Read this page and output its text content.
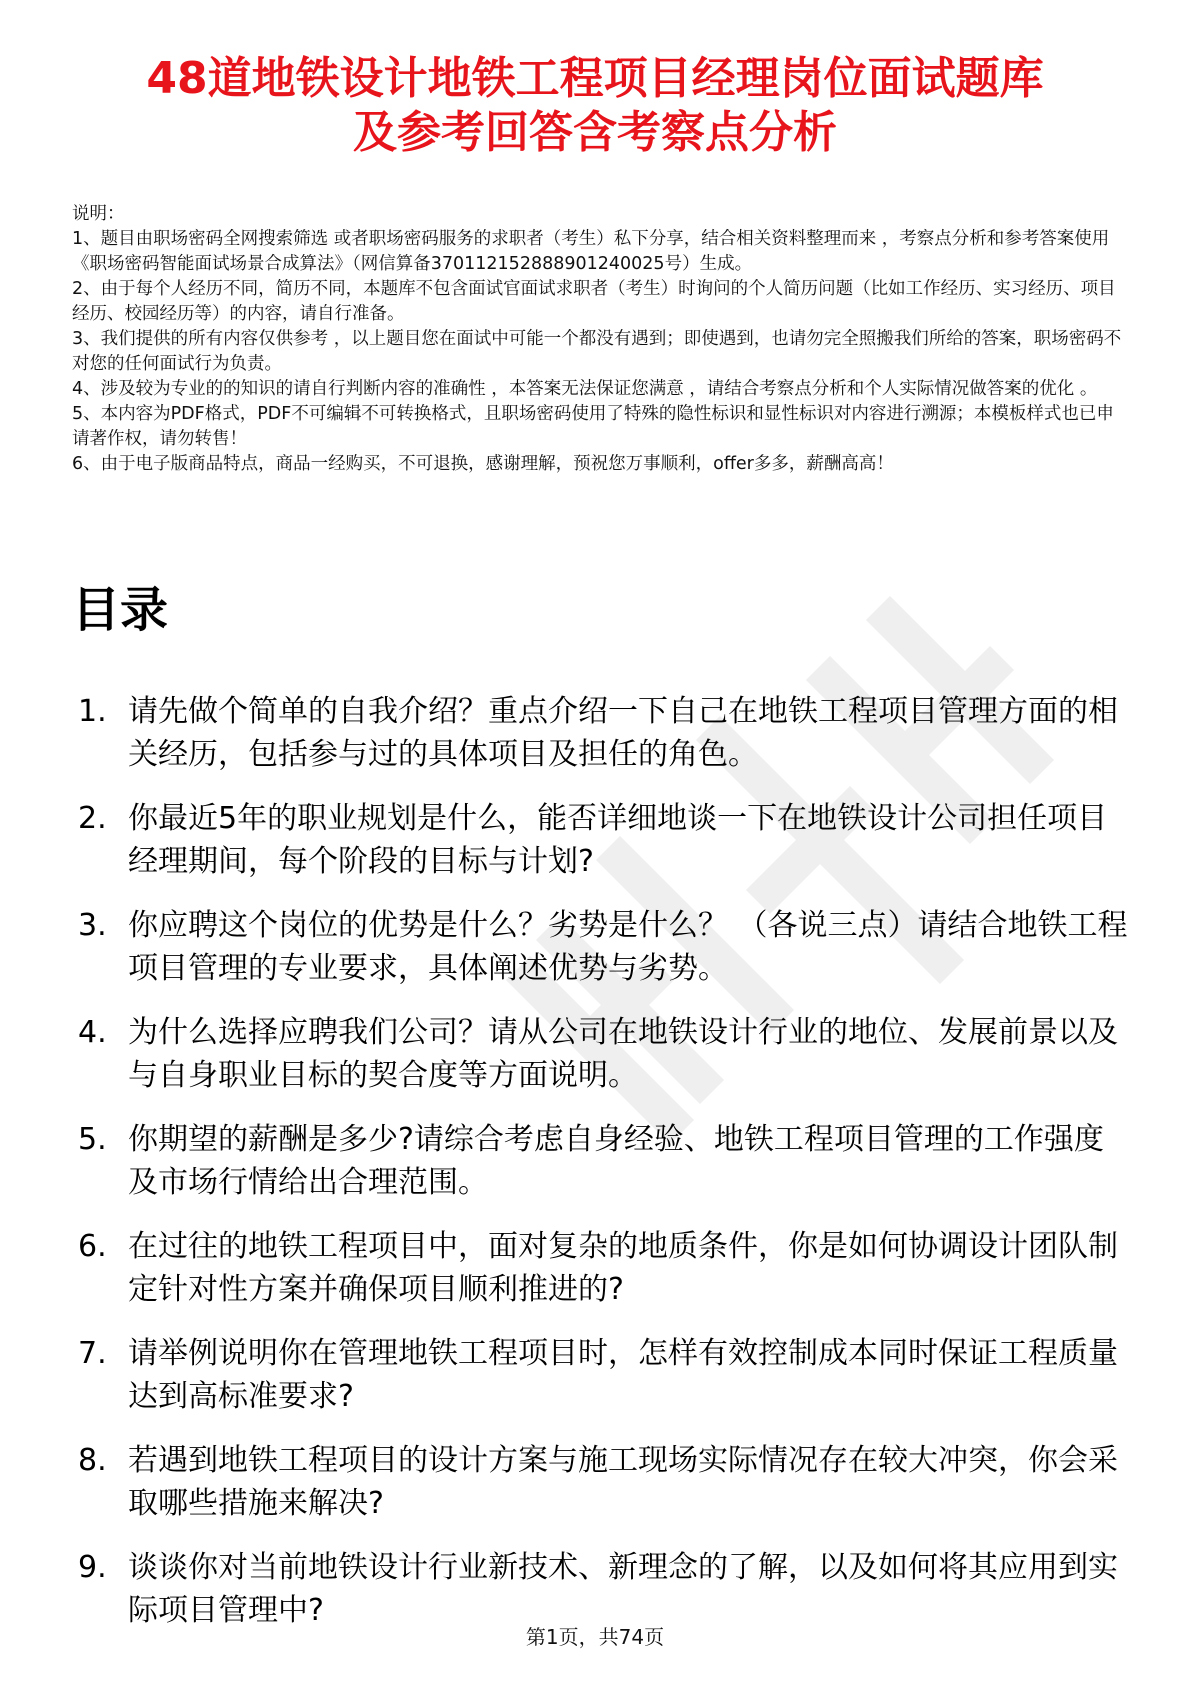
48道地铁设计地铁工程项目经理岗位面试题库
及参考回答含考察点分析

说明：

1、题目由职场密码全网搜索筛选 或者职场密码服务的求职者（考生）私下分享，结合相关资料整理而来 ，考察点分析和参考答案使用《职场密码智能面试场景合成算法》（网信算备370112152888901240025号）生成。

2、由于每个人经历不同，简历不同，本题库不包含面试官面试求职者（考生）时询问的个人简历问题（比如工作经历、实习经历、项目经历、校园经历等）的内容，请自行准备。

3、我们提供的所有内容仅供参考 ，以上题目您在面试中可能一个都没有遇到；即使遇到，也请勿完全照搬我们所给的答案，职场密码不对您的任何面试行为负责。

4、涉及较为专业的的知识的请自行判断内容的准确性 ，本答案无法保证您满意 ，请结合考察点分析和个人实际情况做答案的优化 。

5、本内容为PDF格式，PDF不可编辑不可转换格式，且职场密码使用了特殊的隐性标识和显性标识对内容进行溯源；本模板样式也已申请著作权，请勿转售！

6、由于电子版商品特点，商品一经购买，不可退换，感谢理解，预祝您万事顺利，offer多多，薪酬高高！

目录
1. 请先做个简单的自我介绍？重点介绍一下自己在地铁工程项目管理方面的相关经历，包括参与过的具体项目及担任的角色。
2. 你最近5年的职业规划是什么，能否详细地谈一下在地铁设计公司担任项目经理期间，每个阶段的目标与计划?
3. 你应聘这个岗位的优势是什么？劣势是什么？ （各说三点）请结合地铁工程项目管理的专业要求，具体阐述优势与劣势。
4. 为什么选择应聘我们公司？请从公司在地铁设计行业的地位、发展前景以及与自身职业目标的契合度等方面说明。
5. 你期望的薪酬是多少?请综合考虑自身经验、地铁工程项目管理的工作强度及市场行情给出合理范围。
6. 在过往的地铁工程项目中，面对复杂的地质条件，你是如何协调设计团队制定针对性方案并确保项目顺利推进的?
7. 请举例说明你在管理地铁工程项目时，怎样有效控制成本同时保证工程质量达到高标准要求?
8. 若遇到地铁工程项目的设计方案与施工现场实际情况存在较大冲突，你会采取哪些措施来解决?
9. 谈谈你对当前地铁设计行业新技术、新理念的了解，以及如何将其应用到实际项目管理中?
第1页，共74页
